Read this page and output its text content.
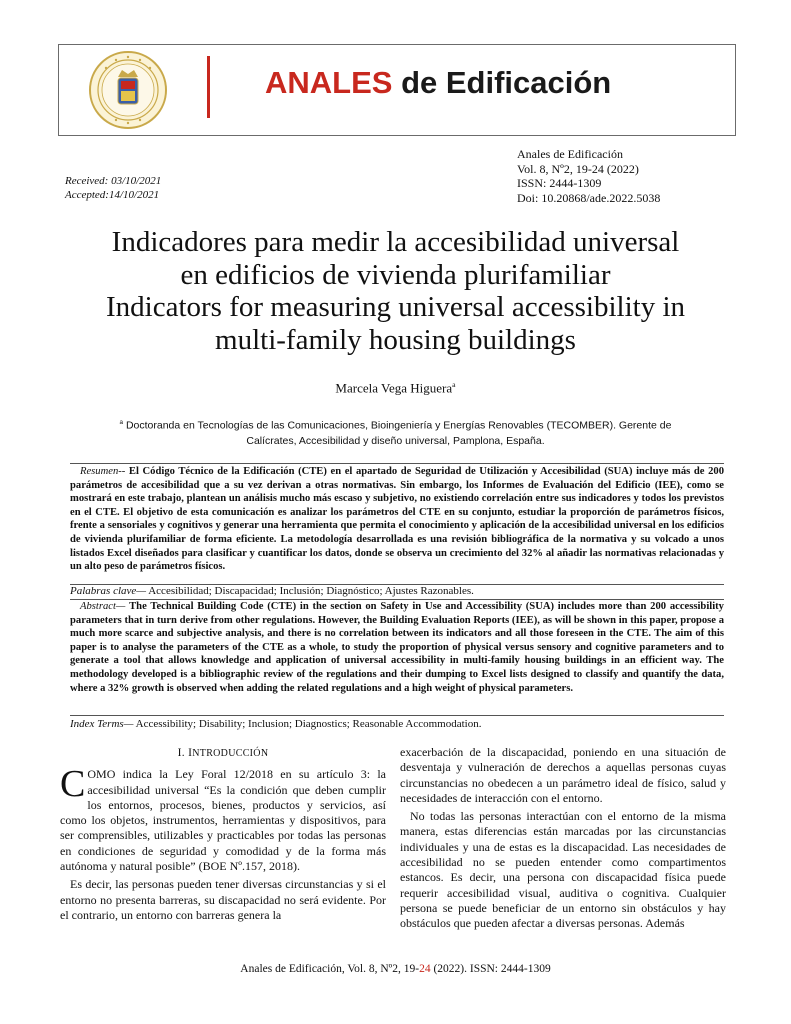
ANALES de Edificación
Received: 03/10/2021
Accepted:14/10/2021
Anales de Edificación
Vol. 8, Nº2, 19-24 (2022)
ISSN: 2444-1309
Doi: 10.20868/ade.2022.5038
Indicadores para medir la accesibilidad universal
en edificios de vivienda plurifamiliar
Indicators for measuring universal accessibility in
multi-family housing buildings
Marcela Vega Higuera$^a$
$^a$ Doctoranda en Tecnologías de las Comunicaciones, Bioingeniería y Energías Renovables (TECOMBER). Gerente de
Calícrates, Accesibilidad y diseño universal, Pamplona, España.
Resumen-- El Código Técnico de la Edificación (CTE) en el apartado de Seguridad de Utilización y Accesibilidad (SUA) incluye más de 200 parámetros de accesibilidad que a su vez derivan a otras normativas. Sin embargo, los Informes de Evaluación del Edificio (IEE), como se mostrará en este trabajo, plantean un análisis mucho más escaso y subjetivo, no existiendo correlación entre sus indicadores y todos los previstos en el CTE. El objetivo de esta comunicación es analizar los parámetros del CTE en su conjunto, estudiar la proporción de parámetros físicos, frente a sensoriales y cognitivos y generar una herramienta que permita el conocimiento y aplicación de la accesibilidad universal en los edificios de vivienda plurifamiliar de forma eficiente. La metodología desarrollada es una revisión bibliográfica de la normativa y su volcado a unos listados Excel diseñados para clasificar y cuantificar los datos, donde se observa un crecimiento del 32% al añadir las normativas relacionadas y un alto peso de parámetros físicos.
Palabras clave— Accesibilidad; Discapacidad; Inclusión; Diagnóstico; Ajustes Razonables.
Abstract— The Technical Building Code (CTE) in the section on Safety in Use and Accessibility (SUA) includes more than 200 accessibility parameters that in turn derive from other regulations. However, the Building Evaluation Reports (IEE), as will be shown in this paper, propose a much more scarce and subjective analysis, and there is no correlation between its indicators and all those foreseen in the CTE. The aim of this paper is to analyse the parameters of the CTE as a whole, to study the proportion of physical versus sensory and cognitive parameters and to generate a tool that allows knowledge and application of universal accessibility in multi-family housing buildings in an efficient way. The methodology developed is a bibliographic review of the regulations and their dumping to Excel lists designed to classify and quantify the data, where a 32% growth is observed when adding the related regulations and a high weight of physical parameters.
Index Terms— Accessibility; Disability; Inclusion; Diagnostics; Reasonable Accommodation.
I. INTRODUCCIÓN

COMO indica la Ley Foral 12/2018 en su artículo 3: la accesibilidad universal “Es la condición que deben cumplir los entornos, procesos, bienes, productos y servicios, así como los objetos, instrumentos, herramientas y dispositivos, para ser comprensibles, utilizables y practicables por todas las personas en condiciones de seguridad y comodidad y de la forma más autónoma y natural posible” (BOE Nº.157, 2018).

Es decir, las personas pueden tener diversas circunstancias y si el entorno no presenta barreras, su discapacidad no será evidente. Por el contrario, un entorno con barreras genera la

exacerbación de la discapacidad, poniendo en una situación de desventaja y vulneración de derechos a aquellas personas cuyas circunstancias no obedecen a un parámetro ideal de físico, salud y necesidades de interacción con el entorno.

No todas las personas interactúan con el entorno de la misma manera, estas diferencias están marcadas por las circunstancias individuales y una de estas es la discapacidad. Las necesidades de accesibilidad no se pueden entender como compartimentos estancos. Es decir, una persona con discapacidad física puede requerir accesibilidad visual, auditiva o cognitiva. Cualquier persona se puede beneficiar de un entorno sin obstáculos y hay obstáculos que pueden afectar a diversas personas. Además

Anales de Edificación, Vol. 8, Nº2, 19-24 (2022). ISSN: 2444-1309
